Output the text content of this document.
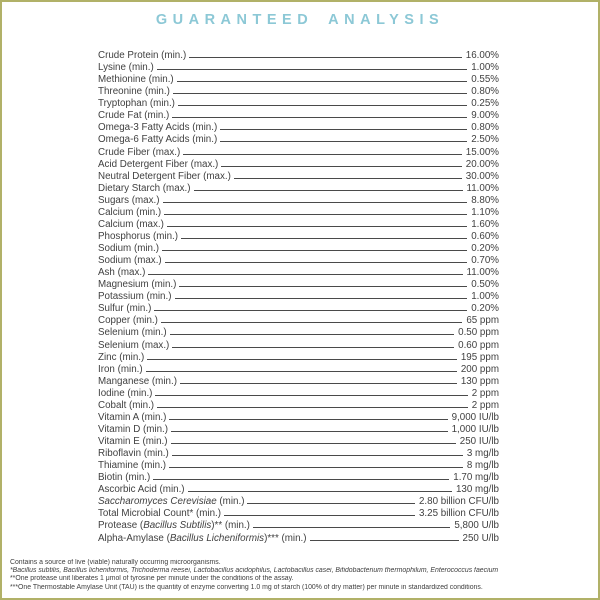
GUARANTEED ANALYSIS
Crude Protein (min.)	16.00%
Lysine (min.)	1.00%
Methionine (min.)	0.55%
Threonine (min.)	0.80%
Tryptophan (min.)	0.25%
Crude Fat (min.)	9.00%
Omega-3 Fatty Acids (min.)	0.80%
Omega-6 Fatty Acids (min.)	2.50%
Crude Fiber (max.)	15.00%
Acid Detergent Fiber (max.)	20.00%
Neutral Detergent Fiber (max.)	30.00%
Dietary Starch (max.)	11.00%
Sugars (max.)	8.80%
Calcium (min.)	1.10%
Calcium (max.)	1.60%
Phosphorus (min.)	0.60%
Sodium (min.)	0.20%
Sodium (max.)	0.70%
Ash (max.)	11.00%
Magnesium (min.)	0.50%
Potassium (min.)	1.00%
Sulfur (min.)	0.20%
Copper (min.)	65 ppm
Selenium (min.)	0.50 ppm
Selenium (max.)	0.60 ppm
Zinc (min.)	195 ppm
Iron (min.)	200 ppm
Manganese (min.)	130 ppm
Iodine (min.)	2 ppm
Cobalt (min.)	2 ppm
Vitamin A (min.)	9,000 IU/lb
Vitamin D (min.)	1,000 IU/lb
Vitamin E (min.)	250 IU/lb
Riboflavin (min.)	3 mg/lb
Thiamine (min.)	8 mg/lb
Biotin (min.)	1.70 mg/lb
Ascorbic Acid (min.)	130 mg/lb
Saccharomyces Cerevisiae (min.)	2.80 billion CFU/lb
Total Microbial Count* (min.)	3.25 billion CFU/lb
Protease (Bacillus Subtilis)** (min.)	5,800 U/lb
Alpha-Amylase (Bacillus Licheniformis)*** (min.)	250 U/lb
Contains a source of live (viable) naturally occurring microorganisms.
*Bacillus subtilis, Bacillus licheniformis, Trichoderma reesei, Lactobacillus acidophilus, Lactobacillus casei, Bifidobacterium thermophilum, Enterococcus faecium
**One protease unit liberates 1 μmol of tyrosine per minute under the conditions of the assay.
***One Thermostable Amylase Unit (TAU) is the quantity of enzyme converting 1.0 mg of starch (100% of dry matter) per minute in standardized conditions.
